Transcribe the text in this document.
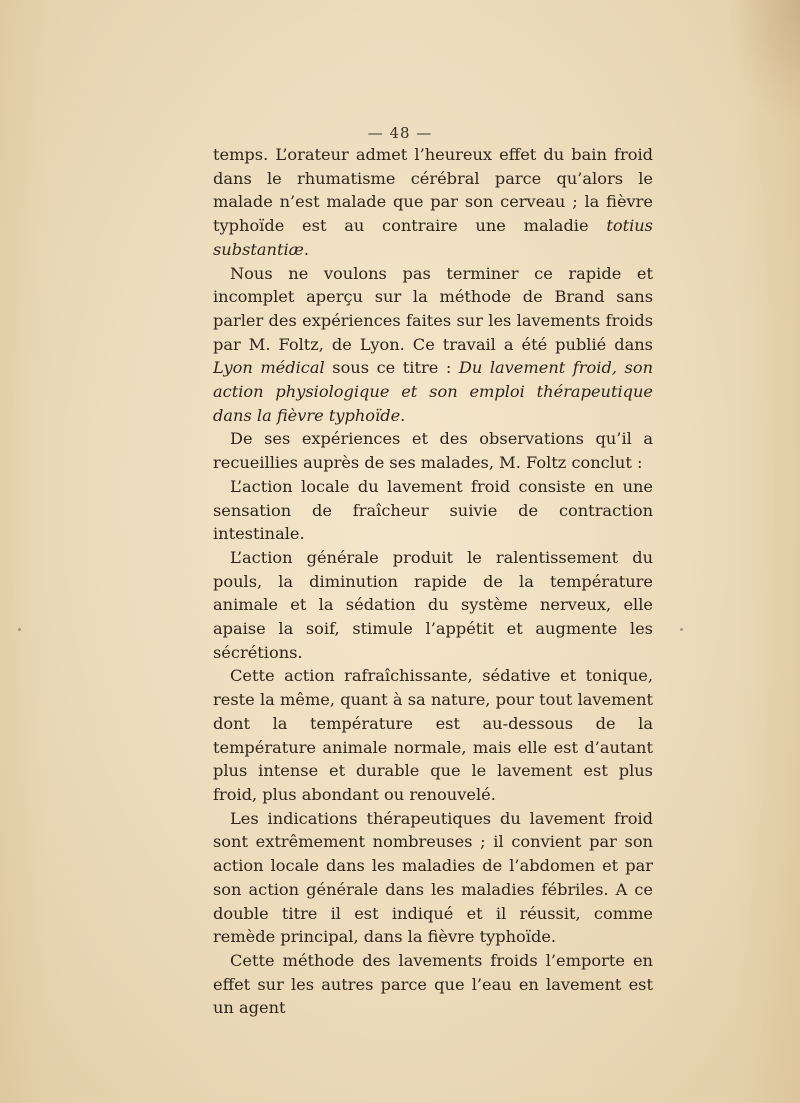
— 48 —

temps. L’orateur admet l’heureux effet du bain froid dans le rhumatisme cérébral parce qu’alors le malade n’est malade que par son cerveau ; la fièvre typhoïde est au contraire une maladie totius substantiæ.

Nous ne voulons pas terminer ce rapide et incomplet aperçu sur la méthode de Brand sans parler des expériences faites sur les lavements froids par M. Foltz, de Lyon. Ce travail a été publié dans Lyon médical sous ce titre : Du lavement froid, son action physiologique et son emploi thérapeutique dans la fièvre typhoïde.

De ses expériences et des observations qu’il a recueillies auprès de ses malades, M. Foltz conclut :

L’action locale du lavement froid consiste en une sensation de fraîcheur suivie de contraction intestinale.

L’action générale produit le ralentissement du pouls, la diminution rapide de la température animale et la sédation du système nerveux, elle apaise la soif, stimule l’appétit et augmente les sécrétions.

Cette action rafraîchissante, sédative et tonique, reste la même, quant à sa nature, pour tout lavement dont la température est au-dessous de la température animale normale, mais elle est d’autant plus intense et durable que le lavement est plus froid, plus abondant ou renouvelé.

Les indications thérapeutiques du lavement froid sont extrêmement nombreuses ; il convient par son action locale dans les maladies de l’abdomen et par son action générale dans les maladies fébriles. A ce double titre il est indiqué et il réussit, comme remède principal, dans la fièvre typhoïde.

Cette méthode des lavements froids l’emporte en effet sur les autres parce que l’eau en lavement est un agent
